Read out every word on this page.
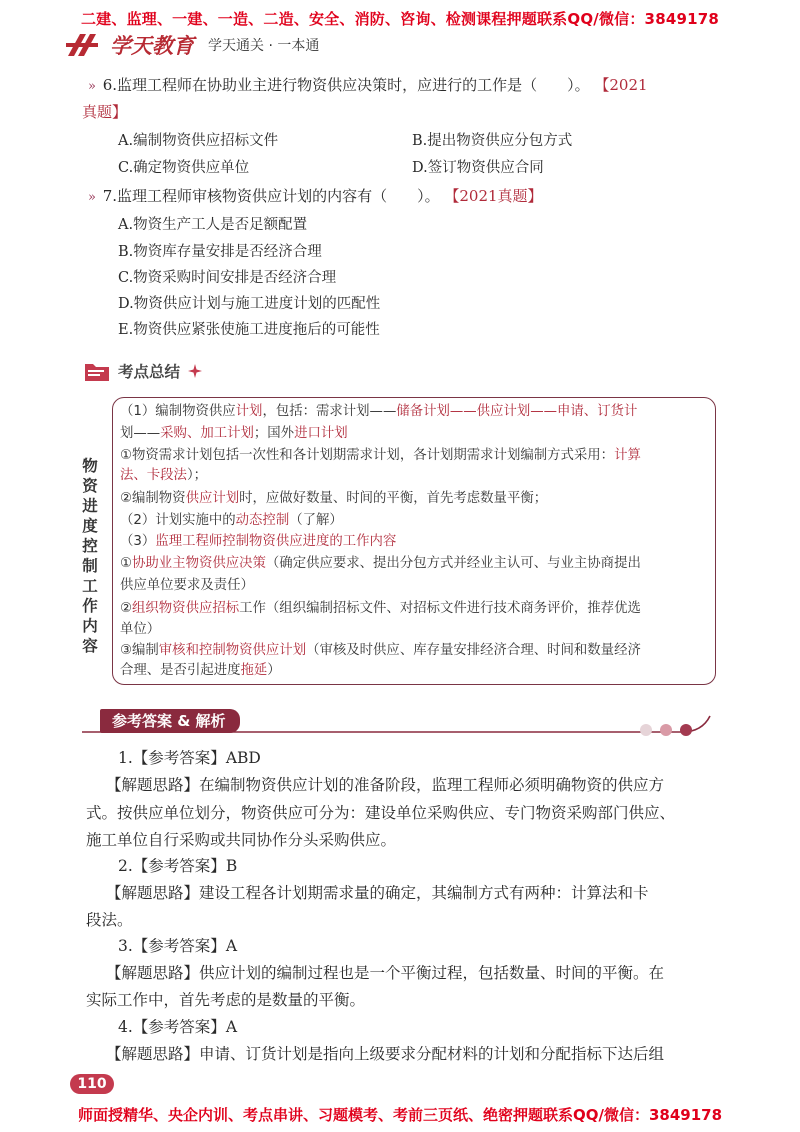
二建、监理、一建、一造、二造、安全、消防、咨询、检测课程押题联系QQ/微信：3849178
学天教育 学天通关 · 一本通
» 6.监理工程师在协助业主进行物资供应决策时，应进行的工作是（　　）。 【2021
真题】
A.编制物资供应招标文件	B.提出物资供应分包方式
C.确定物资供应单位	D.签订物资供应合同
» 7.监理工程师审核物资供应计划的内容有（　　）。 【2021真题】
A.物资生产工人是否足额配置
B.物资库存量安排是否经济合理
C.物资采购时间安排是否经济合理
D.物资供应计划与施工进度计划的匹配性
E.物资供应紧张使施工进度拖后的可能性
考点总结
物
资
进
度
控
制
工
作
内
容
（1）编制物资供应计划，包括：需求计划——储备计划——供应计划——申请、订货计
划——采购、加工计划；国外进口计划
①物资需求计划包括一次性和各计划期需求计划，各计划期需求计划编制方式采用：计算
法、卡段法）；
②编制物资供应计划时，应做好数量、时间的平衡，首先考虑数量平衡；
（2）计划实施中的动态控制（了解）
（3）监理工程师控制物资供应进度的工作内容
①协助业主物资供应决策（确定供应要求、提出分包方式并经业主认可、与业主协商提出
供应单位要求及责任）
②组织物资供应招标工作（组织编制招标文件、对招标文件进行技术商务评价，推荐优选
单位）
③编制审核和控制物资供应计划（审核及时供应、库存量安排经济合理、时间和数量经济
合理、是否引起进度拖延）
参考答案 & 解析
1.【参考答案】ABD
【解题思路】在编制物资供应计划的准备阶段，监理工程师必须明确物资的供应方
式。按供应单位划分，物资供应可分为：建设单位采购供应、专门物资采购部门供应、
施工单位自行采购或共同协作分头采购供应。
2.【参考答案】B
【解题思路】建设工程各计划期需求量的确定，其编制方式有两种：计算法和卡
段法。
3.【参考答案】A
【解题思路】供应计划的编制过程也是一个平衡过程，包括数量、时间的平衡。在
实际工作中，首先考虑的是数量的平衡。
4.【参考答案】A
【解题思路】申请、订货计划是指向上级要求分配材料的计划和分配指标下达后组
110
师面授精华、央企内训、考点串讲、习题模考、考前三页纸、绝密押题联系QQ/微信：3849178
